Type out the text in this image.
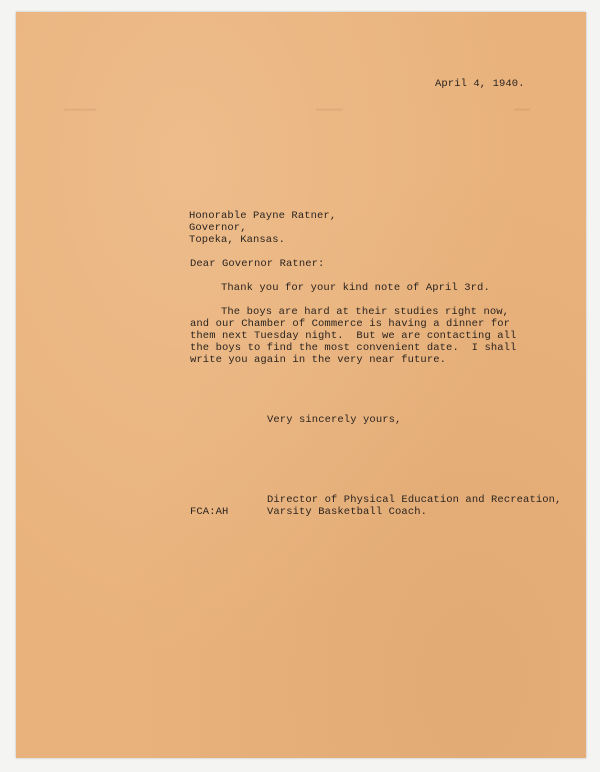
▬▬▬▬▬▬	▬▬▬▬▬	▬▬▬

April 4, 1940.

Honorable Payne Ratner,

Governor,

Topeka, Kansas.

Dear Governor Ratner:

Thank you for your kind note of April 3rd.

The boys are hard at their studies right now,

and our Chamber of Commerce is having a dinner for

them next Tuesday night.  But we are contacting all

the boys to find the most convenient date.  I shall

write you again in the very near future.

Very sincerely yours,

Director of Physical Education and Recreation,

Varsity Basketball Coach.

FCA:AH
